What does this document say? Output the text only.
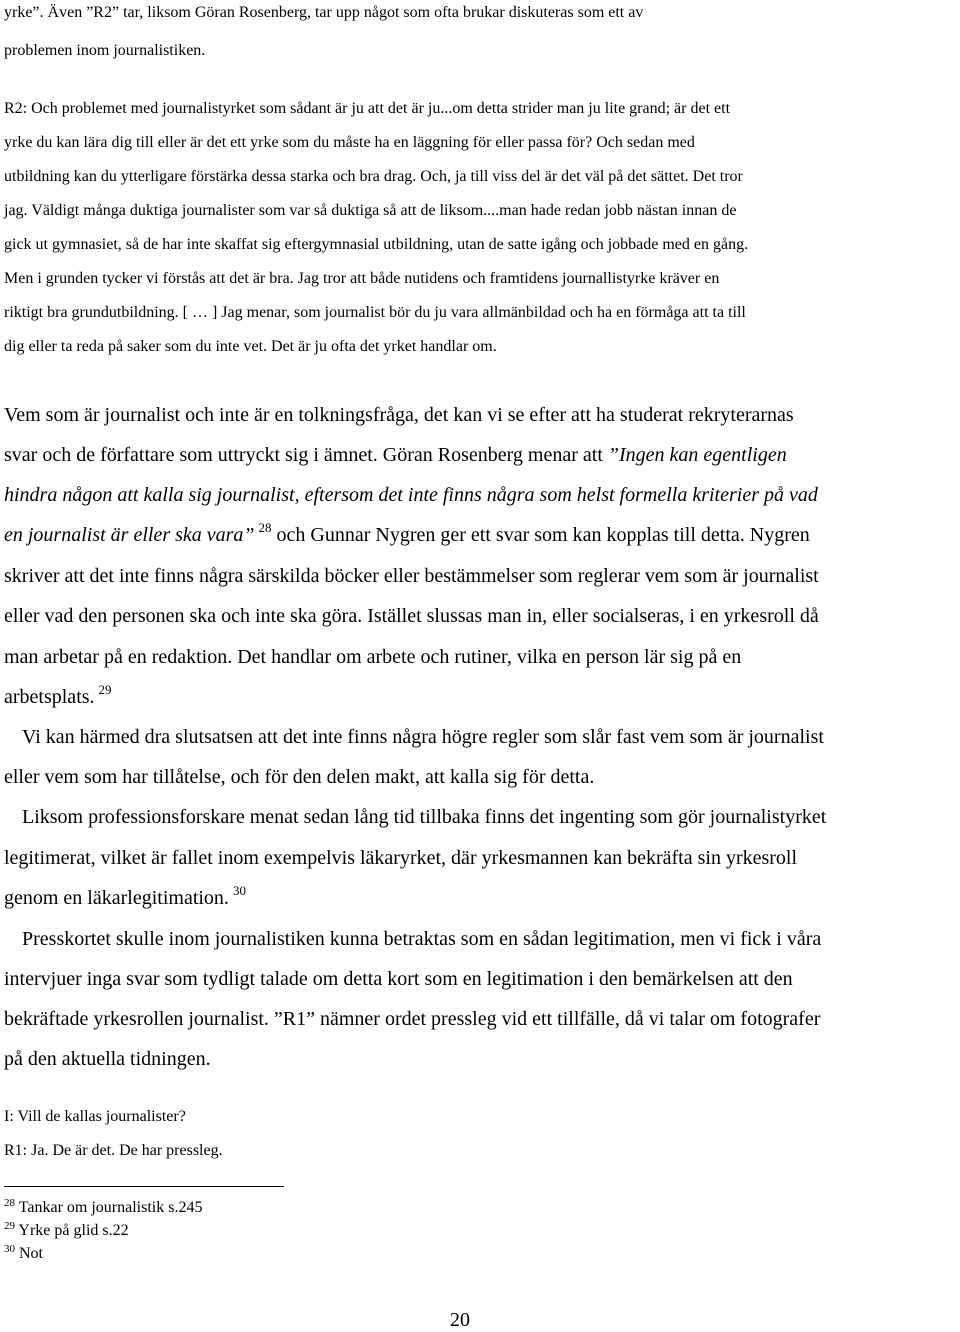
yrke”. Även ”R2” tar, liksom Göran Rosenberg, tar upp något som ofta brukar diskuteras som ett av
problemen inom journalistiken.
R2: Och problemet med journalistyrket som sådant är ju att det är ju...om detta strider man ju lite grand; är det ett
yrke du kan lära dig till eller är det ett yrke som du måste ha en läggning för eller passa för? Och sedan med
utbildning kan du ytterligare förstärka dessa starka och bra drag. Och, ja till viss del är det väl på det sättet. Det tror
jag. Väldigt många duktiga journalister som var så duktiga så att de liksom....man hade redan jobb nästan innan de
gick ut gymnasiet, så de har inte skaffat sig eftergymnasial utbildning, utan de satte igång och jobbade med en gång.
Men i grunden tycker vi förstås att det är bra. Jag tror att både nutidens och framtidens journallistyrke kräver en
riktigt bra grundutbildning. [ … ] Jag menar, som journalist bör du ju vara allmänbildad och ha en förmåga att ta till
dig eller ta reda på saker som du inte vet. Det är ju ofta det yrket handlar om.
Vem som är journalist och inte är en tolkningsfråga, det kan vi se efter att ha studerat rekryterarnas
svar och de författare som uttryckt sig i ämnet. Göran Rosenberg menar att ”Ingen kan egentligen
hindra någon att kalla sig journalist, eftersom det inte finns några som helst formella kriterier på vad
en journalist är eller ska vara” $^{28}$ och Gunnar Nygren ger ett svar som kan kopplas till detta. Nygren
skriver att det inte finns några särskilda böcker eller bestämmelser som reglerar vem som är journalist
eller vad den personen ska och inte ska göra. Istället slussas man in, eller socialseras, i en yrkesroll då
man arbetar på en redaktion. Det handlar om arbete och rutiner, vilka en person lär sig på en
arbetsplats. $^{29}$
Vi kan härmed dra slutsatsen att det inte finns några högre regler som slår fast vem som är journalist
eller vem som har tillåtelse, och för den delen makt, att kalla sig för detta.
Liksom professionsforskare menat sedan lång tid tillbaka finns det ingenting som gör journalistyrket
legitimerat, vilket är fallet inom exempelvis läkaryrket, där yrkesmannen kan bekräfta sin yrkesroll
genom en läkarlegitimation. $^{30}$
Presskortet skulle inom journalistiken kunna betraktas som en sådan legitimation, men vi fick i våra
intervjuer inga svar som tydligt talade om detta kort som en legitimation i den bemärkelsen att den
bekräftade yrkesrollen journalist. ”R1” nämner ordet pressleg vid ett tillfälle, då vi talar om fotografer
på den aktuella tidningen.
I: Vill de kallas journalister?
R1: Ja. De är det. De har pressleg.
$^{28}$ Tankar om journalistik s.245
$^{29}$ Yrke på glid s.22
$^{30}$ Not
20
